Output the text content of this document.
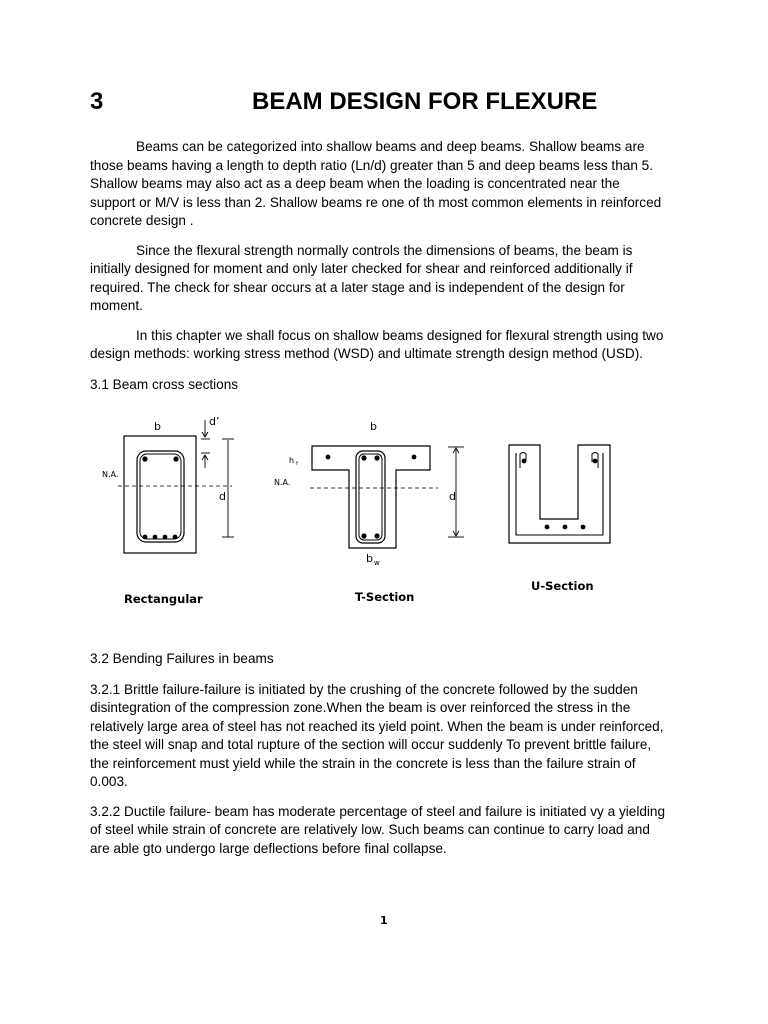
3	BEAM DESIGN FOR FLEXURE

Beams can be categorized into shallow beams and deep beams. Shallow beams are

those beams having a length to depth ratio (Ln/d) greater than 5 and deep beams less than 5.

Shallow beams may also act as a deep beam when the loading is concentrated near the

support or M/V is less than 2. Shallow beams re one of th most common elements in reinforced

concrete design .

Since the flexural strength normally controls the dimensions of beams, the beam is

initially designed for moment and only later checked for shear and reinforced additionally if

required. The check for shear occurs at a later stage and is independent of the design for

moment.

In this chapter we shall focus on shallow beams designed for flexural strength using two

design methods: working stress method (WSD) and ultimate strength design method (USD).

3.1 Beam cross sections

N.A.
b	d’
d
Rectangular
N.A.
h $_f$
b
d
$b_w$
T-Section
U-Section

3.2 Bending Failures in beams

3.2.1 Brittle failure-failure is initiated by the crushing of the concrete followed by the sudden

disintegration of the compression zone.When the beam is over reinforced the stress in the

relatively large area of steel has not reached its yield point. When the beam is under reinforced,

the steel will snap and total rupture of the section will occur suddenly To prevent brittle failure,

the reinforcement must yield while the strain in the concrete is less than the failure strain of

0.003.

3.2.2 Ductile failure- beam has moderate percentage of steel and failure is initiated vy a yielding

of steel while strain of concrete are relatively low. Such beams can continue to carry load and

are able gto undergo large deflections before final collapse.

1
